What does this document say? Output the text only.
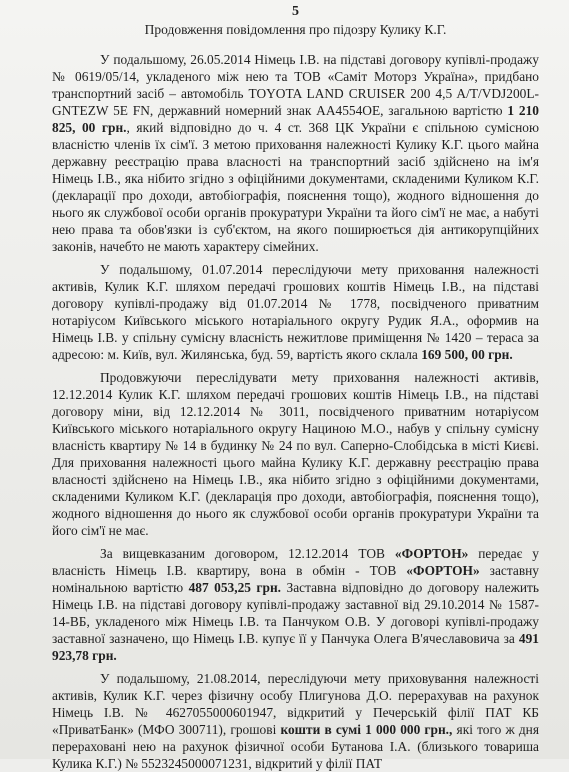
5
Продовження повідомлення про підозру Кулику К.Г.

У подальшому, 26.05.2014 Німець І.В. на підставі договору купівлі-продажу № 0619/05/14, укладеного між нею та ТОВ «Саміт Моторз Україна», придбано транспортний засіб – автомобіль TOYOTA LAND CRUISER 200 4,5 A/T/VDJ200L-GNTEZW 5E FN, державний номерний знак АА4554ОЕ, загальною вартістю 1 210 825, 00 грн., який відповідно до ч. 4 ст. 368 ЦК України є спільною сумісною власністю членів їх сім'ї. З метою приховання належності Кулику К.Г. цього майна державну реєстрацію права власності на транспортний засіб здійснено на ім'я Німець І.В., яка нібито згідно з офіційними документами, складеними Куликом К.Г. (декларації про доходи, автобіографія, пояснення тощо), жодного відношення до нього як службової особи органів прокуратури України та його сім'ї не має, а набуті нею права та обов'язки із суб'єктом, на якого поширюється дія антикорупційних законів, начебто не мають характеру сімейних.

У подальшому, 01.07.2014 переслідуючи мету приховання належності активів, Кулик К.Г. шляхом передачі грошових коштів Німець І.В., на підставі договору купівлі-продажу від 01.07.2014 № 1778, посвідченого приватним нотаріусом Київського міського нотаріального округу Рудик Я.А., оформив на Німець І.В. у спільну сумісну власність нежитлове приміщення № 1420 – тераса за адресою: м. Київ, вул. Жилянська, буд. 59, вартість якого склала 169 500, 00 грн.

Продовжуючи переслідувати мету приховання належності активів, 12.12.2014 Кулик К.Г. шляхом передачі грошових коштів Німець І.В., на підставі договору міни, від 12.12.2014 № 3011, посвідченого приватним нотаріусом Київського міського нотаріального округу Нациною М.О., набув у спільну сумісну власність квартиру № 14 в будинку № 24 по вул. Саперно-Слобідська в місті Києві. Для приховання належності цього майна Кулику К.Г. державну реєстрацію права власності здійснено на Німець І.В., яка нібито згідно з офіційними документами, складеними Куликом К.Г. (декларація про доходи, автобіографія, пояснення тощо), жодного відношення до нього як службової особи органів прокуратури України та його сім'ї не має.

За вищевказаним договором, 12.12.2014 ТОВ «ФОРТОН» передає у власність Німець І.В. квартиру, вона в обмін - ТОВ «ФОРТОН» заставну номінальною вартістю 487 053,25 грн. Заставна відповідно до договору належить Німець І.В. на підставі договору купівлі-продажу заставної від 29.10.2014 № 1587-14-ВБ, укладеного між Німець І.В. та Панчуком О.В. У договорі купівлі-продажу заставної зазначено, що Німець І.В. купує її у Панчука Олега В'ячеславовича за 491 923,78 грн.

У подальшому, 21.08.2014, переслідуючи мету приховування належності активів, Кулик К.Г. через фізичну особу Плигунова Д.О. перерахував на рахунок Німець І.В. № 4627055000601947, відкритий у Печерській філії ПАТ КБ «ПриватБанк» (МФО 300711), грошові кошти в сумі 1 000 000 грн., які того ж дня перераховані нею на рахунок фізичної особи Бутанова І.А. (близького товариша Кулика К.Г.) № 5523245000071231, відкритий у філії ПАТ
